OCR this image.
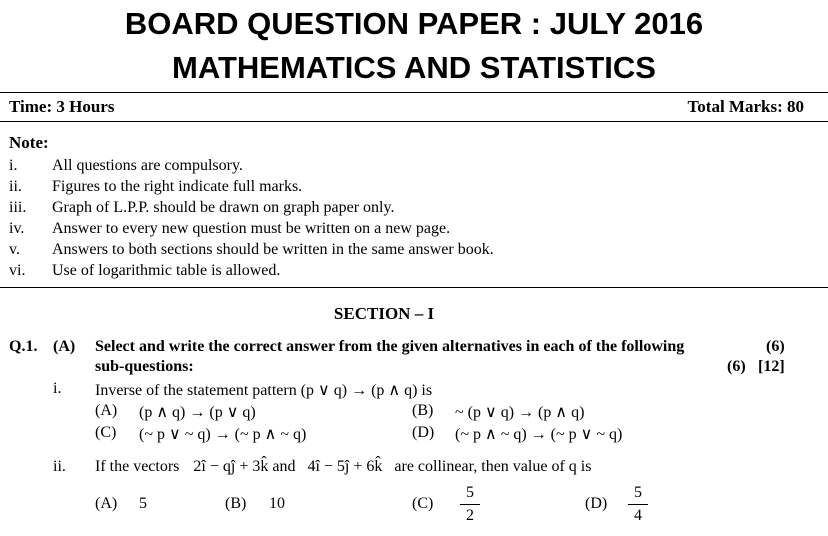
BOARD QUESTION PAPER : JULY 2016
MATHEMATICS AND STATISTICS
Time: 3 Hours	Total Marks: 80
Note:
i. All questions are compulsory.
ii. Figures to the right indicate full marks.
iii. Graph of L.P.P. should be drawn on graph paper only.
iv. Answer to every new question must be written on a new page.
v. Answers to both sections should be written in the same answer book.
vi. Use of logarithmic table is allowed.
SECTION – I
Q.1. (A) Select and write the correct answer from the given alternatives in each of the following
sub-questions:
(6)
(6) [12]
i. Inverse of the statement pattern (p ∨ q) → (p ∧ q) is
(A) (p ∧ q) → (p ∨ q)	(B) ~ (p ∨ q) → (p ∧ q)
(C) (~ p ∨ ~ q) → (~ p ∧ ~ q)	(D) (~ p ∧ ~ q) → (~ p ∨ ~ q)
ii. If the vectors 2î − qĵ + 3k̂ and 4î − 5ĵ + 6k̂ are collinear, then value of q is
(A) 5	(B) 10	(C)
5
2
(D)
5
4
